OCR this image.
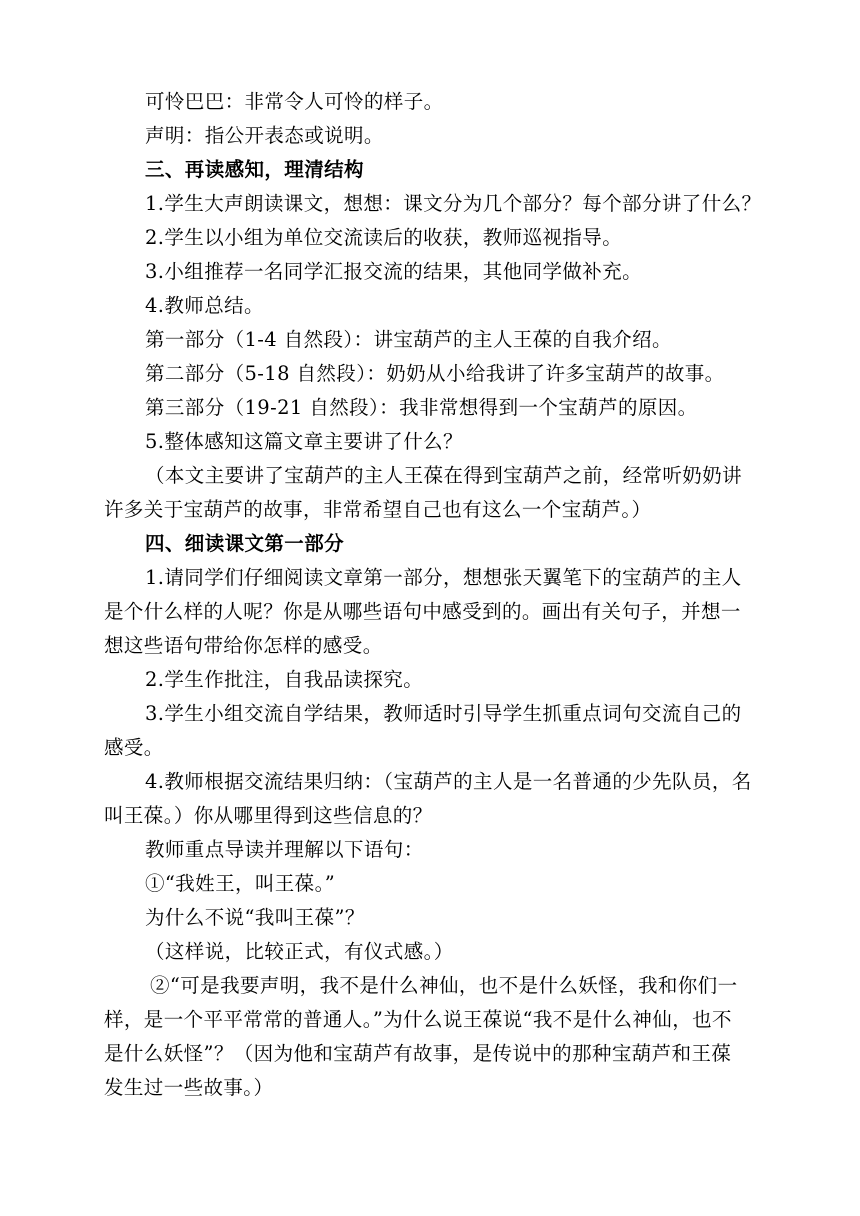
可怜巴巴：非常令人可怜的样子。
声明：指公开表态或说明。
三、再读感知，理清结构
1.学生大声朗读课文，想想：课文分为几个部分？每个部分讲了什么？
2.学生以小组为单位交流读后的收获，教师巡视指导。
3.小组推荐一名同学汇报交流的结果，其他同学做补充。
4.教师总结。
第一部分（1-4 自然段）：讲宝葫芦的主人王葆的自我介绍。
第二部分（5-18 自然段）：奶奶从小给我讲了许多宝葫芦的故事。
第三部分（19-21 自然段）：我非常想得到一个宝葫芦的原因。
5.整体感知这篇文章主要讲了什么？
（本文主要讲了宝葫芦的主人王葆在得到宝葫芦之前，经常听奶奶讲
许多关于宝葫芦的故事，非常希望自己也有这么一个宝葫芦。）
四、细读课文第一部分
1.请同学们仔细阅读文章第一部分，想想张天翼笔下的宝葫芦的主人
是个什么样的人呢？你是从哪些语句中感受到的。画出有关句子，并想一
想这些语句带给你怎样的感受。
2.学生作批注，自我品读探究。
3.学生小组交流自学结果，教师适时引导学生抓重点词句交流自己的
感受。
4.教师根据交流结果归纳：（宝葫芦的主人是一名普通的少先队员，名
叫王葆。）你从哪里得到这些信息的？
教师重点导读并理解以下语句：
①“我姓王，叫王葆。”
为什么不说“我叫王葆”？
（这样说，比较正式，有仪式感。）
②“可是我要声明，我不是什么神仙，也不是什么妖怪，我和你们一
样，是一个平平常常的普通人。”为什么说王葆说“我不是什么神仙，也不
是什么妖怪”？（因为他和宝葫芦有故事，是传说中的那种宝葫芦和王葆
发生过一些故事。）
